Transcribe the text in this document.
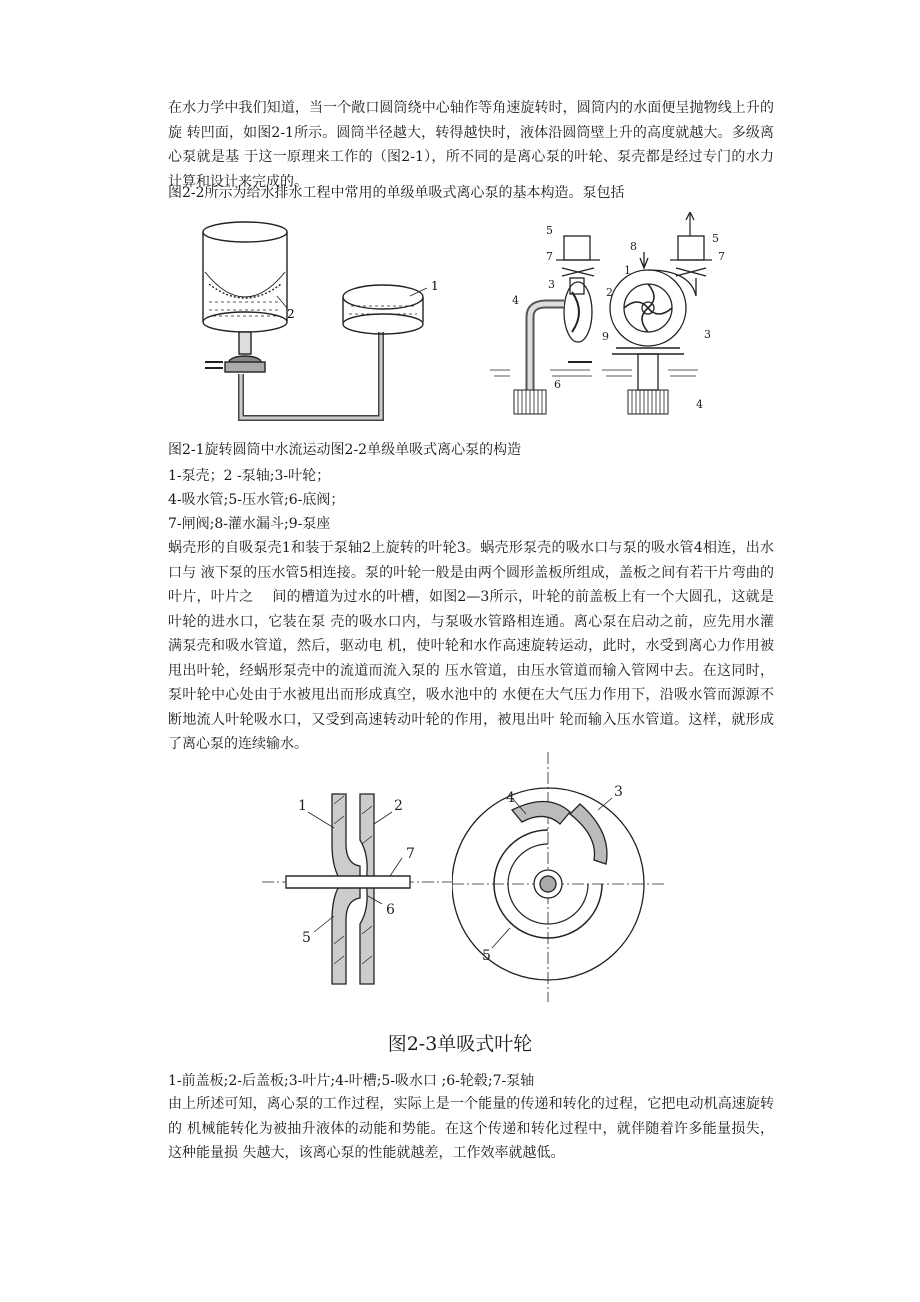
在水力学中我们知道，当一个敞口圆筒绕中心轴作等角速旋转时，圆筒内的水面便呈抛物线上升的旋 转凹面，如图2-1所示。圆筒半径越大，转得越快时，液体沿圆筒壁上升的高度就越大。多级离心泵就是基 于这一原理来工作的（图2-1），所不同的是离心泵的叶轮、泵壳都是经过专门的水力计算和设计来完成的。

图2-2所示为给水排水工程中常用的单级单吸式离心泵的基本构造。泵包括

1
2
5
7
3
2
4
6
8
1
3
9
4
5
7

图2-1旋转圆筒中水流运动图2-2单级单吸式离心泵的构造

1-泵壳；2 -泵轴;3-叶轮；

4-吸水管;5-压水管;6-底阀；

7-闸阀;8-灌水漏斗;9-泵座

蜗壳形的自吸泵壳1和装于泵轴2上旋转的叶轮3。蜗壳形泵壳的吸水口与泵的吸水管4相连，出水口与 液下泵的压水管5相连接。泵的叶轮一般是由两个圆形盖板所组成，盖板之间有若干片弯曲的叶片，叶片之　 间的槽道为过水的叶槽，如图2—3所示，叶轮的前盖板上有一个大圆孔，这就是叶轮的进水口，它装在泵 壳的吸水口内，与泵吸水管路相连通。离心泵在启动之前，应先用水灌满泵壳和吸水管道，然后，驱动电 机，使叶轮和水作高速旋转运动，此时，水受到离心力作用被甩出叶轮，经蜗形泵壳中的流道而流入泵的 压水管道，由压水管道而输入管网中去。在这同时，泵叶轮中心处由于水被甩出而形成真空，吸水池中的 水便在大气压力作用下，沿吸水管而源源不断地流人叶轮吸水口，又受到高速转动叶轮的作用，被甩出叶 轮而输入压水管道。这样，就形成了离心泵的连续输水。

1	2
7
6
5
4	3
5

图2-3单吸式叶轮

1-前盖板;2-后盖板;3-叶片;4-叶槽;5-吸水口 ;6-轮毂;7-泵轴

由上所述可知，离心泵的工作过程，实际上是一个能量的传递和转化的过程，它把电动机高速旋转的 机械能转化为被抽升液体的动能和势能。在这个传递和转化过程中，就伴随着许多能量损失，这种能量损 失越大，该离心泵的性能就越差，工作效率就越低。
